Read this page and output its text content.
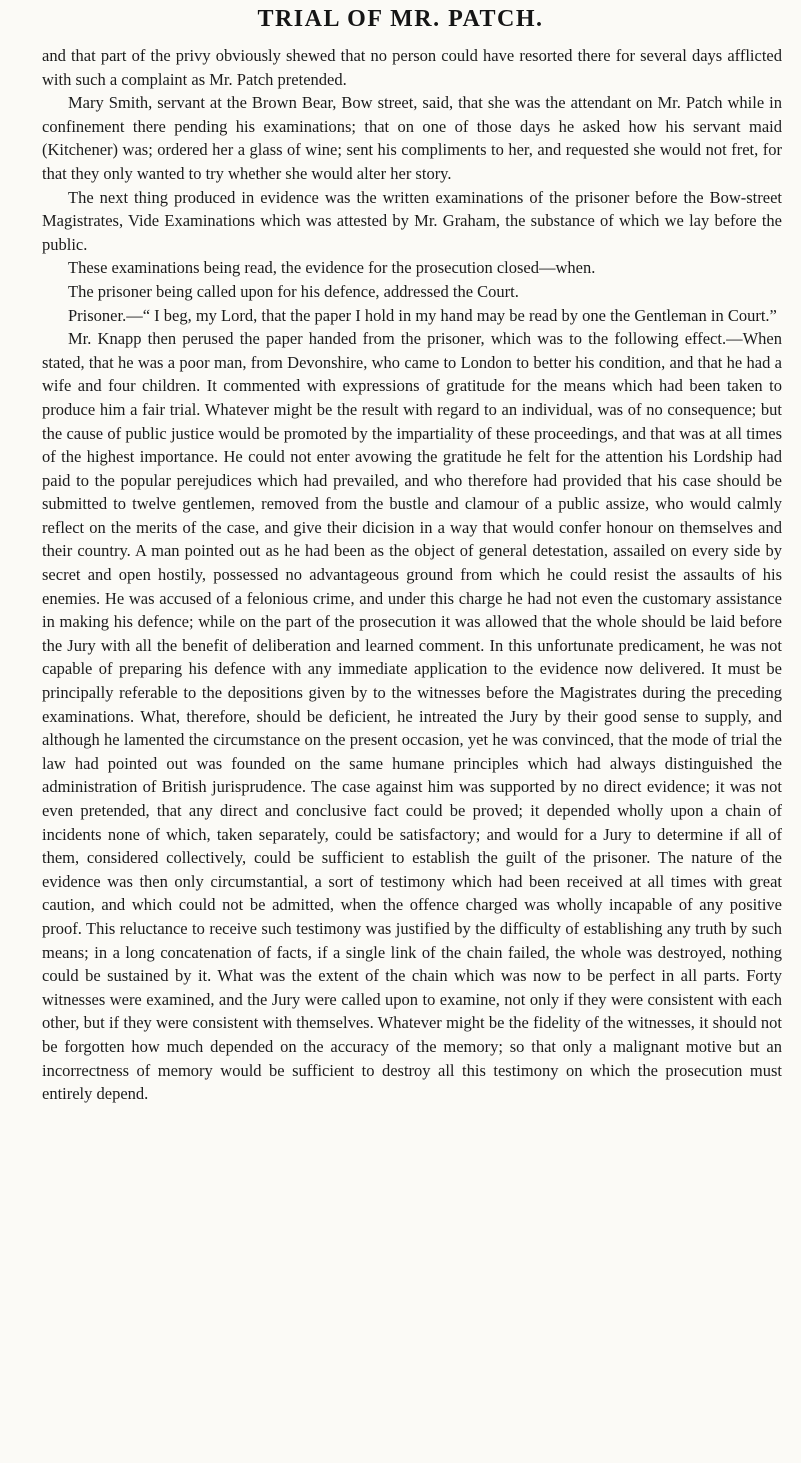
TRIAL OF MR. PATCH.

and that part of the privy obviously shewed that no person could have resorted there for several days afflicted with such a complaint as Mr. Patch pretended.

Mary Smith, servant at the Brown Bear, Bow street, said, that she was the attendant on Mr. Patch while in confinement there pending his examinations; that on one of those days he asked how his servant maid (Kitchener) was; ordered her a glass of wine; sent his compliments to her, and requested she would not fret, for that they only wanted to try whether she would alter her story.

The next thing produced in evidence was the written examinations of the prisoner before the Bow-street Magistrates, Vide Examinations which was attested by Mr. Graham, the substance of which we lay before the public.

These examinations being read, the evidence for the prosecution closed—when.

The prisoner being called upon for his defence, addressed the Court.

Prisoner.—“ I beg, my Lord, that the paper I hold in my hand may be read by one the Gentleman in Court.”

Mr. Knapp then perused the paper handed from the prisoner, which was to the following effect.—When stated, that he was a poor man, from Devonshire, who came to London to better his condition, and that he had a wife and four children. It commented with expressions of gratitude for the means which had been taken to produce him a fair trial. Whatever might be the result with regard to an individual, was of no consequence; but the cause of public justice would be promoted by the impartiality of these proceedings, and that was at all times of the highest importance. He could not enter avowing the gratitude he felt for the attention his Lordship had paid to the popular perejudices which had prevailed, and who therefore had provided that his case should be submitted to twelve gentlemen, removed from the bustle and clamour of a public assize, who would calmly reflect on the merits of the case, and give their dicision in a way that would confer honour on themselves and their country. A man pointed out as he had been as the object of general detestation, assailed on every side by secret and open hostily, possessed no advantageous ground from which he could resist the assaults of his enemies. He was accused of a felonious crime, and under this charge he had not even the customary assistance in making his defence; while on the part of the prosecution it was allowed that the whole should be laid before the Jury with all the benefit of deliberation and learned comment. In this unfortunate predicament, he was not capable of preparing his defence with any immediate application to the evidence now delivered. It must be principally referable to the depositions given by to the witnesses before the Magistrates during the preceding examinations. What, therefore, should be deficient, he intreated the Jury by their good sense to supply, and although he lamented the circumstance on the present occasion, yet he was convinced, that the mode of trial the law had pointed out was founded on the same humane principles which had always distinguished the administration of British jurisprudence. The case against him was supported by no direct evidence; it was not even pretended, that any direct and conclusive fact could be proved; it depended wholly upon a chain of incidents none of which, taken separately, could be satisfactory; and would for a Jury to determine if all of them, considered collectively, could be sufficient to establish the guilt of the prisoner. The nature of the evidence was then only circumstantial, a sort of testimony which had been received at all times with great caution, and which could not be admitted, when the offence charged was wholly incapable of any positive proof. This reluctance to receive such testimony was justified by the difficulty of establishing any truth by such means; in a long concatenation of facts, if a single link of the chain failed, the whole was destroyed, nothing could be sustained by it. What was the extent of the chain which was now to be perfect in all parts. Forty witnesses were examined, and the Jury were called upon to examine, not only if they were consistent with each other, but if they were consistent with themselves. Whatever might be the fidelity of the witnesses, it should not be forgotten how much depended on the accuracy of the memory; so that only a malignant motive but an incorrectness of memory would be sufficient to destroy all this testimony on which the prosecution must entirely depend.
